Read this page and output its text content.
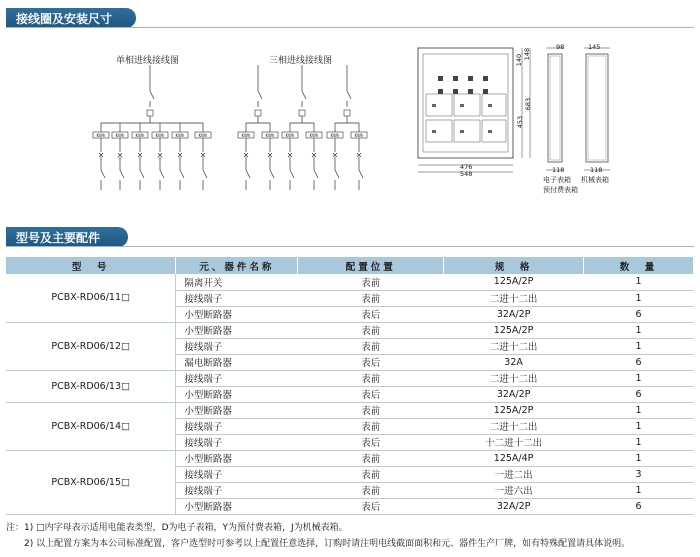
接线圈及安装尺寸
单相进线接线图	三相进线接线图
KWh	KWh	KWh	KWh	KWh	KWh	KWh	KWh	KWh	KWh	KWh	KWh
476
548
453
683
140 148
98	145
118	118
电子表箱
预付费表箱
机械表箱
型号及主要配件
型　号	元、器件名称	配置位置	规　格	数　量
PCBX-RD06/11□	隔离开关	表前	125A/2P	1
	接线端子	表前	二进十二出	1
	小型断路器	表后	32A/2P	6
PCBX-RD06/12□	小型断路器	表前	125A/2P	1
	接线端子	表前	二进十二出	1
	漏电断路器	表后	32A	6
PCBX-RD06/13□	接线端子	表前	二进十二出	1
	小型断路器	表后	32A/2P	6
PCBX-RD06/14□	小型断路器	表前	125A/2P	1
	接线端子	表前	二进十二出	1
	接线端子	表后	十二进十二出	1
PCBX-RD06/15□	小型断路器	表前	125A/4P	1
	接线端子	表前	一进二出	3
	接线端子	表前	一进六出	1
	小型断路器	表后	32A/2P	6
注：1) □内字母表示适用电能表类型，D为电子表箱，Y为预付费表箱，J为机械表箱。
　　2) 以上配置方案为本公司标准配置，客户选型时可参考以上配置任意选择，订购时请注明电线截面面积和元、器件生产厂牌，如有特殊配置请具体说明。
